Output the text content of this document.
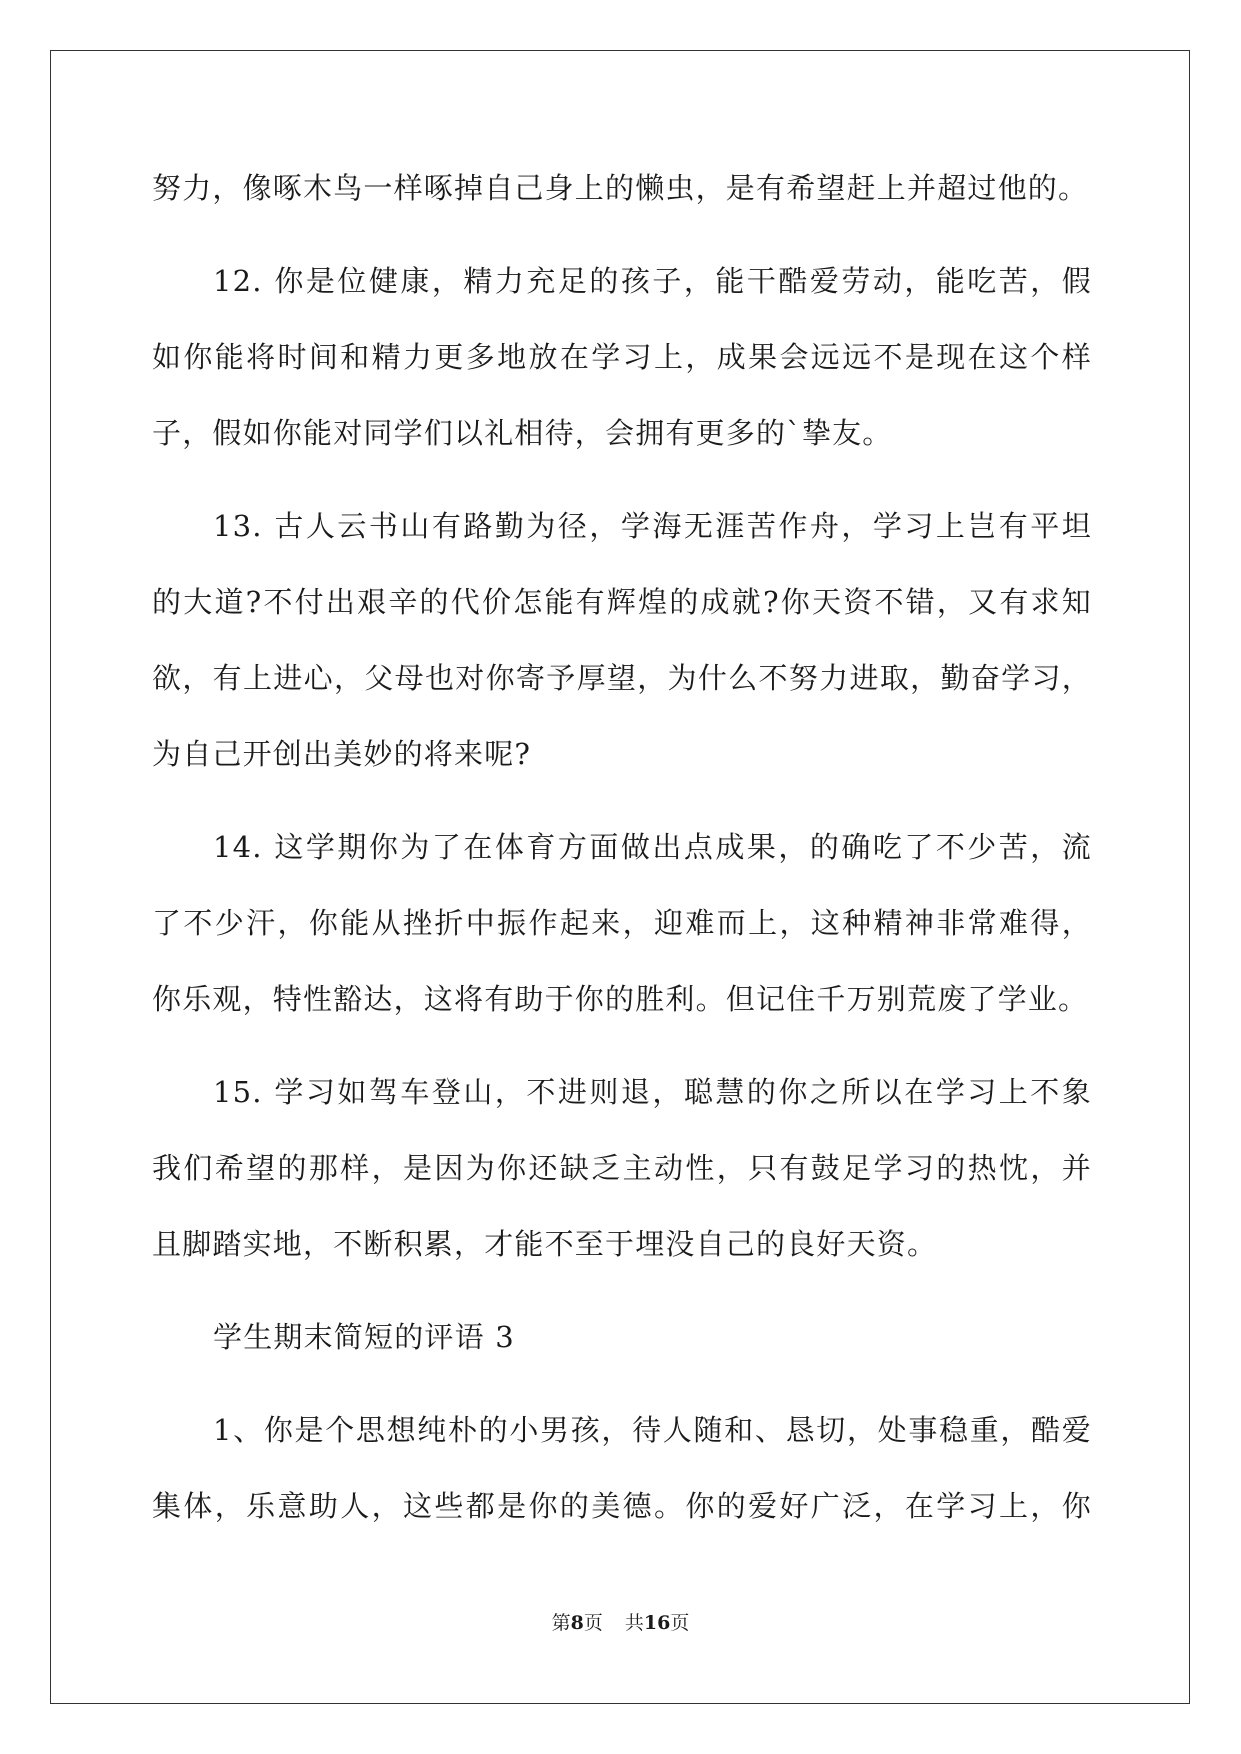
努力，像啄木鸟一样啄掉自己身上的懒虫，是有希望赶上并超过他的。
12. 你是位健康，精力充足的孩子，能干酷爱劳动，能吃苦，假
如你能将时间和精力更多地放在学习上，成果会远远不是现在这个样
子，假如你能对同学们以礼相待，会拥有更多的`挚友。
13. 古人云书山有路勤为径，学海无涯苦作舟，学习上岂有平坦
的大道?不付出艰辛的代价怎能有辉煌的成就?你天资不错，又有求知
欲，有上进心，父母也对你寄予厚望，为什么不努力进取，勤奋学习，
为自己开创出美妙的将来呢?
14. 这学期你为了在体育方面做出点成果，的确吃了不少苦，流
了不少汗，你能从挫折中振作起来，迎难而上，这种精神非常难得，
你乐观，特性豁达，这将有助于你的胜利。但记住千万别荒废了学业。
15. 学习如驾车登山，不进则退，聪慧的你之所以在学习上不象
我们希望的那样，是因为你还缺乏主动性，只有鼓足学习的热忱，并
且脚踏实地，不断积累，才能不至于埋没自己的良好天资。
学生期末简短的评语 3
1、你是个思想纯朴的小男孩，待人随和、恳切，处事稳重，酷爱
集体，乐意助人，这些都是你的美德。你的爱好广泛，在学习上，你
第8页 共16页
